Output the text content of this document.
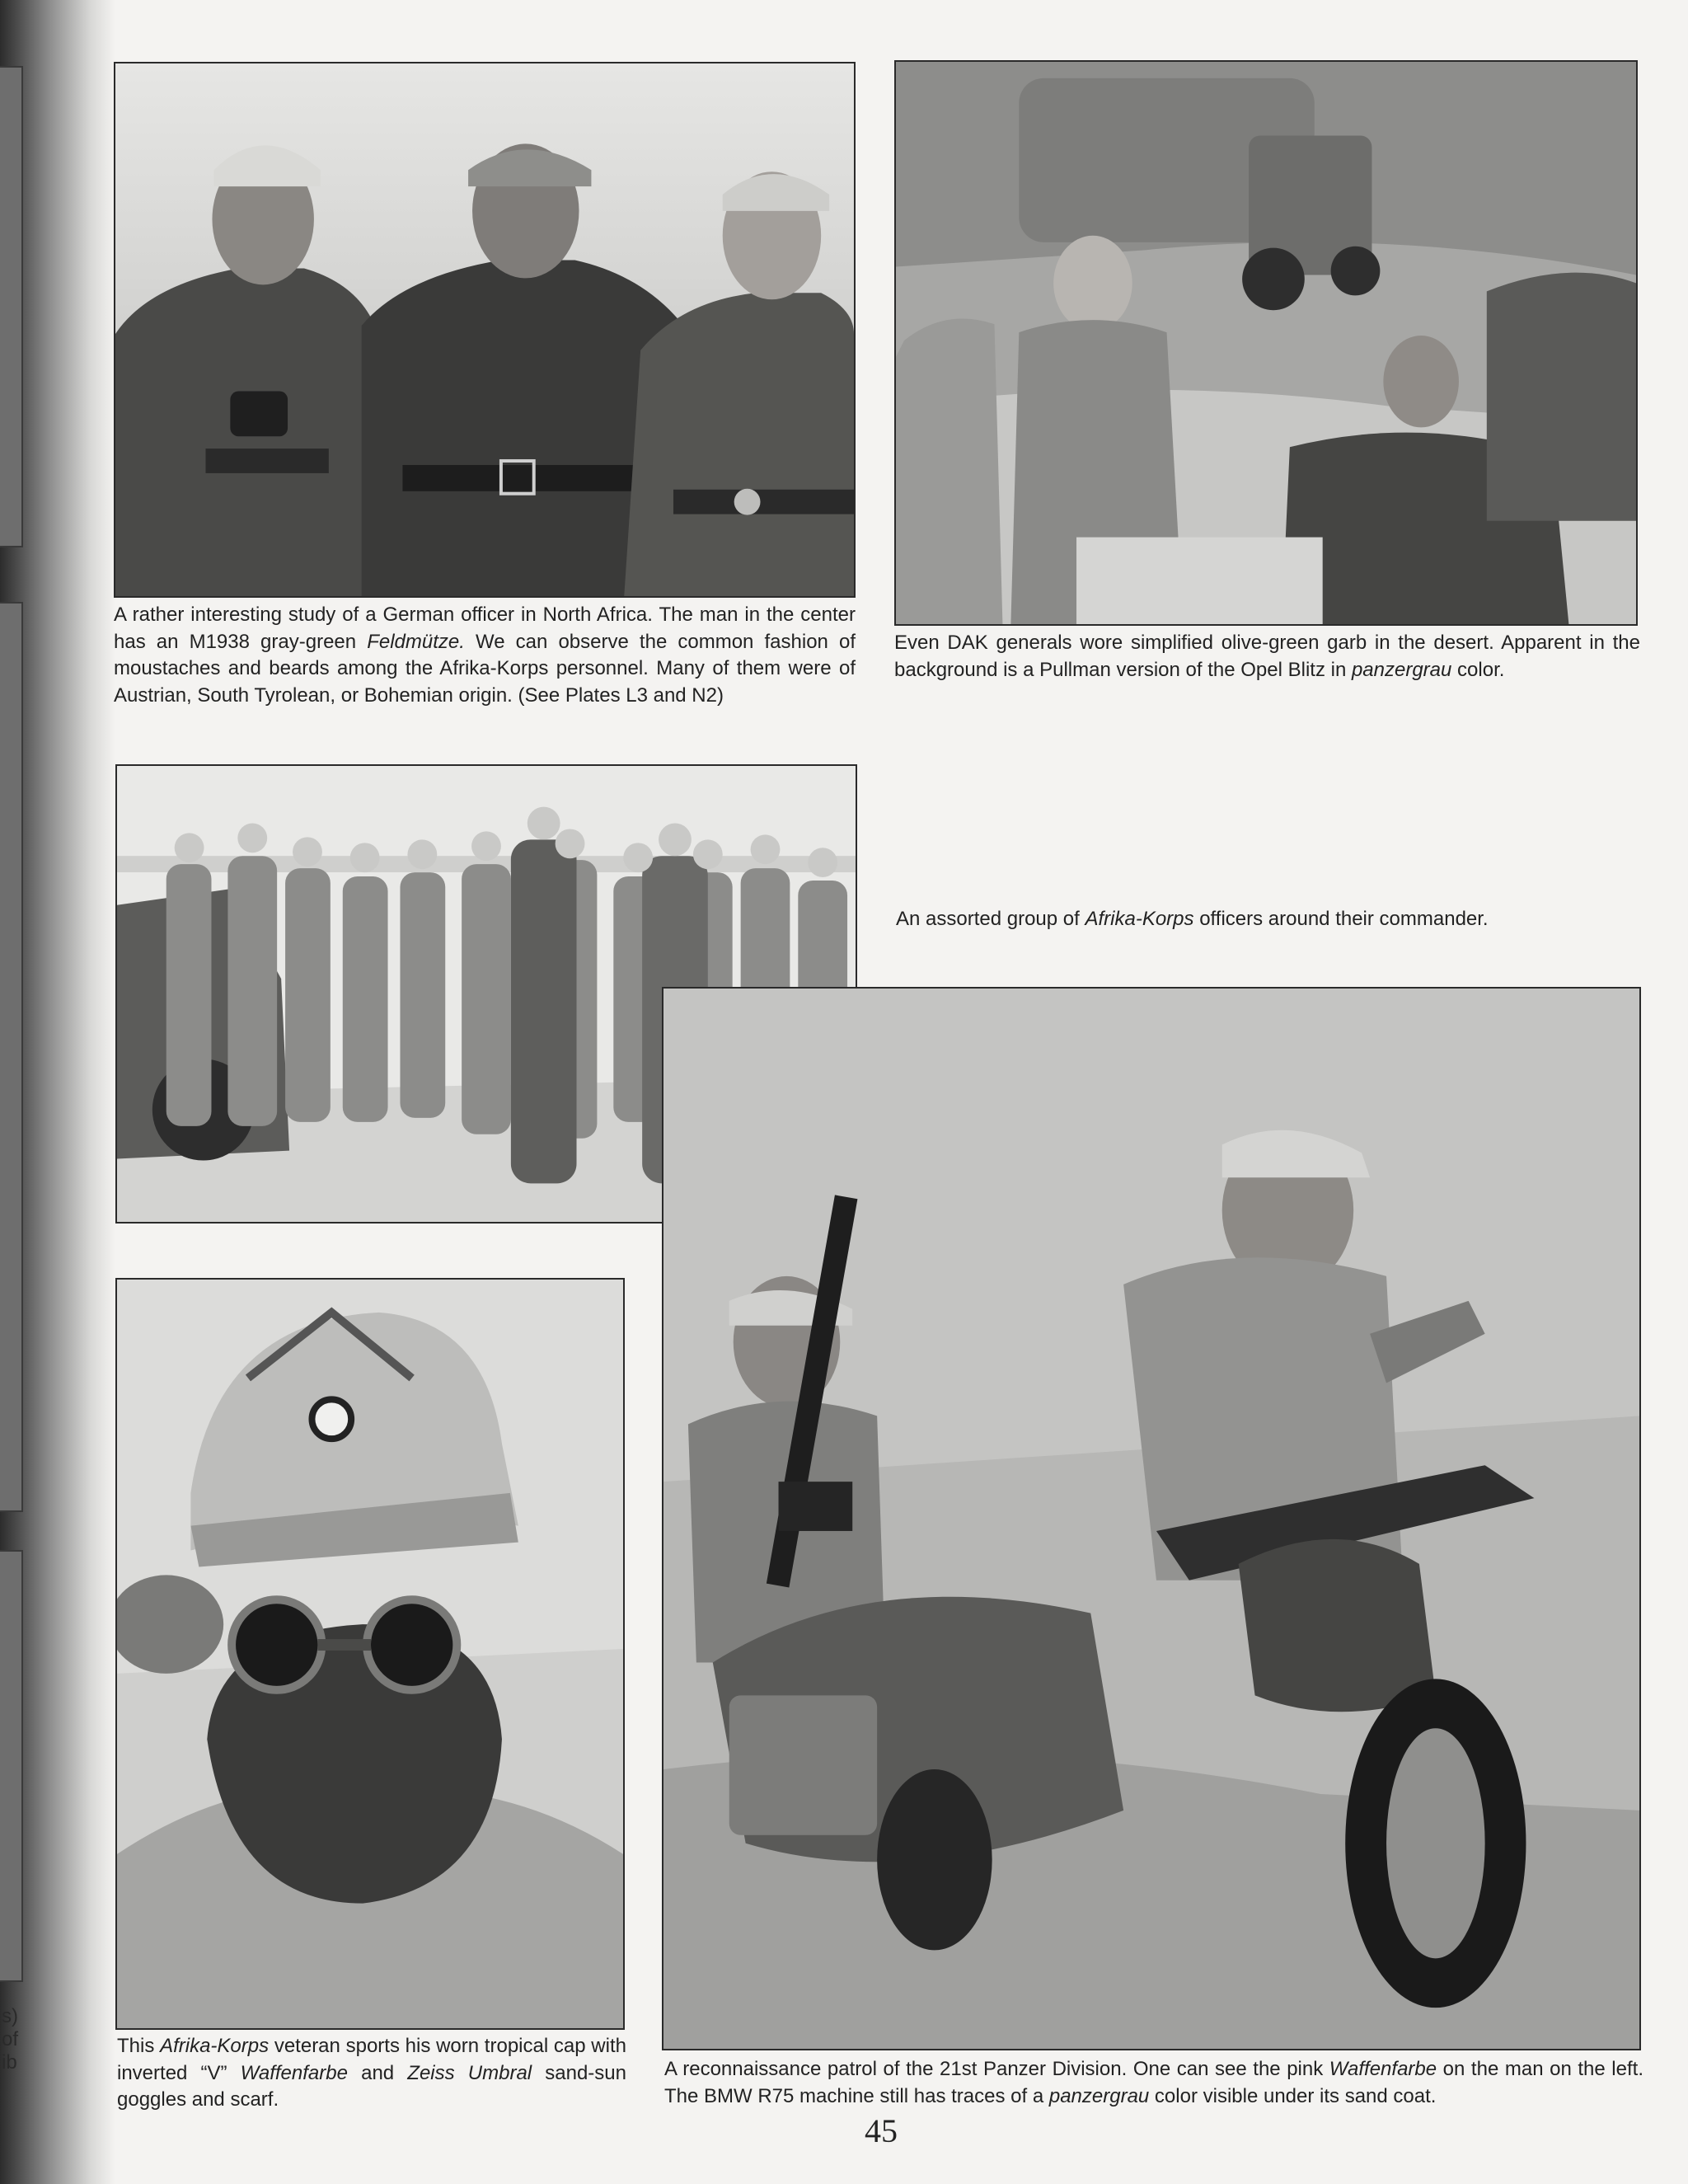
s)
of
ib
A rather interesting study of a German officer in North Africa. The man in the center has an M1938 gray-green Feldmütze. We can observe the common fashion of moustaches and beards among the Afrika-Korps personnel. Many of them were of Austrian, South Tyrolean, or Bohemian origin. (See Plates L3 and N2)
Even DAK generals wore simplified olive-green garb in the desert. Apparent in the background is a Pullman version of the Opel Blitz in panzergrau color.
An assorted group of Afrika-Korps officers around their commander.
This Afrika-Korps veteran sports his worn tropical cap with inverted “V” Waffenfarbe and Zeiss Umbral sand-sun goggles and scarf.
A reconnaissance patrol of the 21st Panzer Division. One can see the pink Waffenfarbe on the man on the left. The BMW R75 machine still has traces of a panzergrau color visible under its sand coat.
45
